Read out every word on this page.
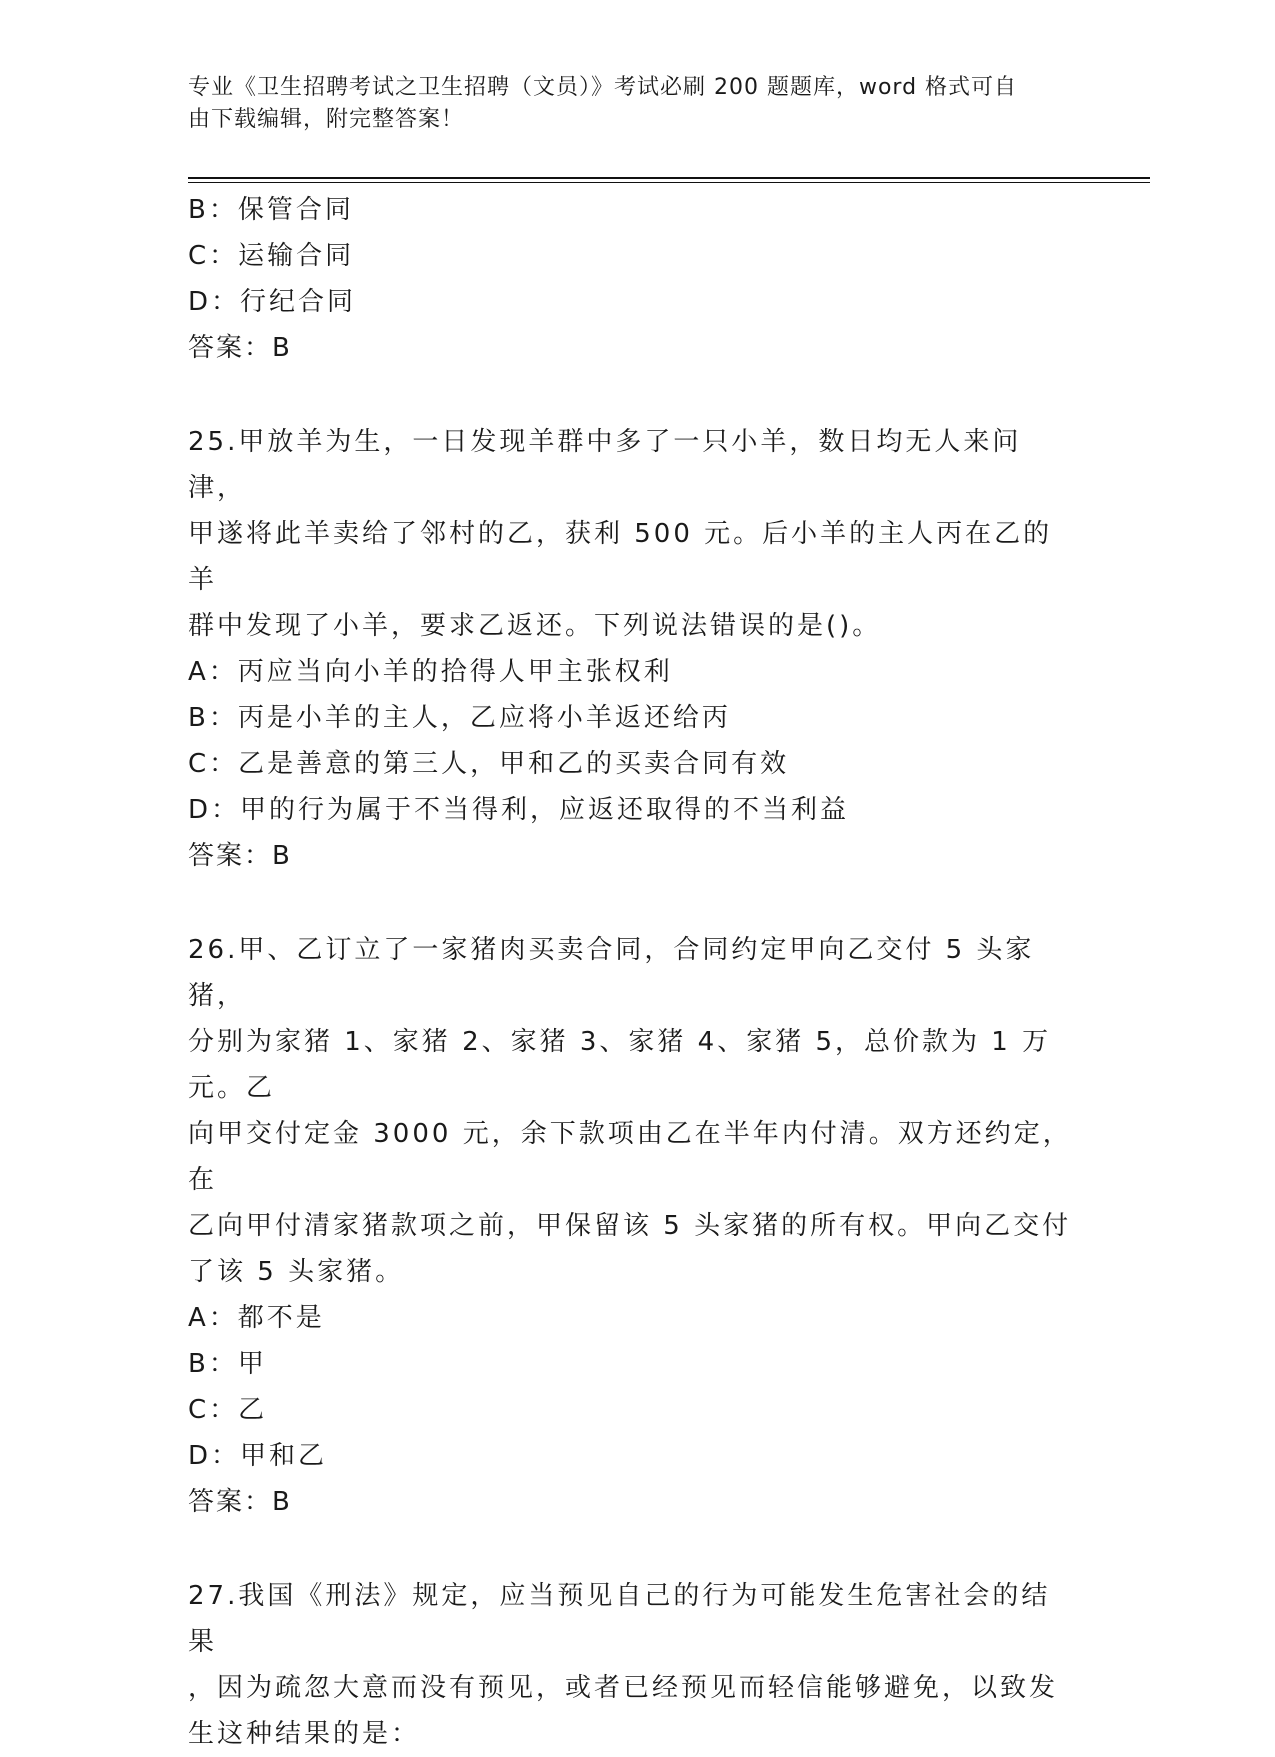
专业《卫生招聘考试之卫生招聘（文员）》考试必刷 200 题题库，word 格式可自
由下载编辑，附完整答案！
B：保管合同
C：运输合同
D：行纪合同
答案：B
25.甲放羊为生，一日发现羊群中多了一只小羊，数日均无人来问津，
甲遂将此羊卖给了邻村的乙，获利 500 元。后小羊的主人丙在乙的羊
群中发现了小羊，要求乙返还。下列说法错误的是()。
A：丙应当向小羊的拾得人甲主张权利
B：丙是小羊的主人，乙应将小羊返还给丙
C：乙是善意的第三人，甲和乙的买卖合同有效
D：甲的行为属于不当得利，应返还取得的不当利益
答案：B
26.甲、乙订立了一家猪肉买卖合同，合同约定甲向乙交付 5 头家猪，
分别为家猪 1、家猪 2、家猪 3、家猪 4、家猪 5，总价款为 1 万元。乙
向甲交付定金 3000 元，余下款项由乙在半年内付清。双方还约定，在
乙向甲付清家猪款项之前，甲保留该 5 头家猪的所有权。甲向乙交付
了该 5 头家猪。
A：都不是
B：甲
C：乙
D：甲和乙
答案：B
27.我国《刑法》规定，应当预见自己的行为可能发生危害社会的结果
，因为疏忽大意而没有预见，或者已经预见而轻信能够避免，以致发
生这种结果的是：
